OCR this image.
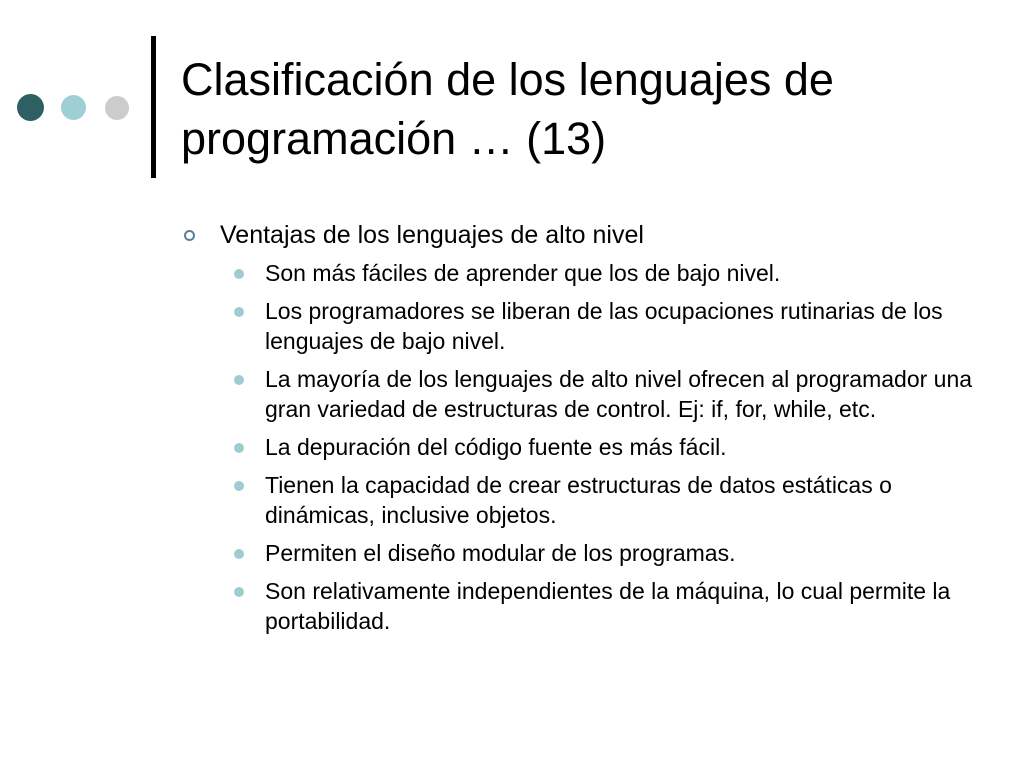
Clasificación de los lenguajes de programación … (13)
Ventajas de los lenguajes de alto nivel
Son más fáciles de aprender que los de bajo nivel.
Los programadores se liberan de las ocupaciones rutinarias de los lenguajes de bajo nivel.
La mayoría de los lenguajes de alto nivel ofrecen al programador una gran variedad de estructuras de control. Ej: if, for, while, etc.
La depuración del código fuente es más fácil.
Tienen la capacidad de crear estructuras de datos estáticas o dinámicas, inclusive objetos.
Permiten el diseño modular de los programas.
Son relativamente independientes de la máquina, lo cual permite la portabilidad.
